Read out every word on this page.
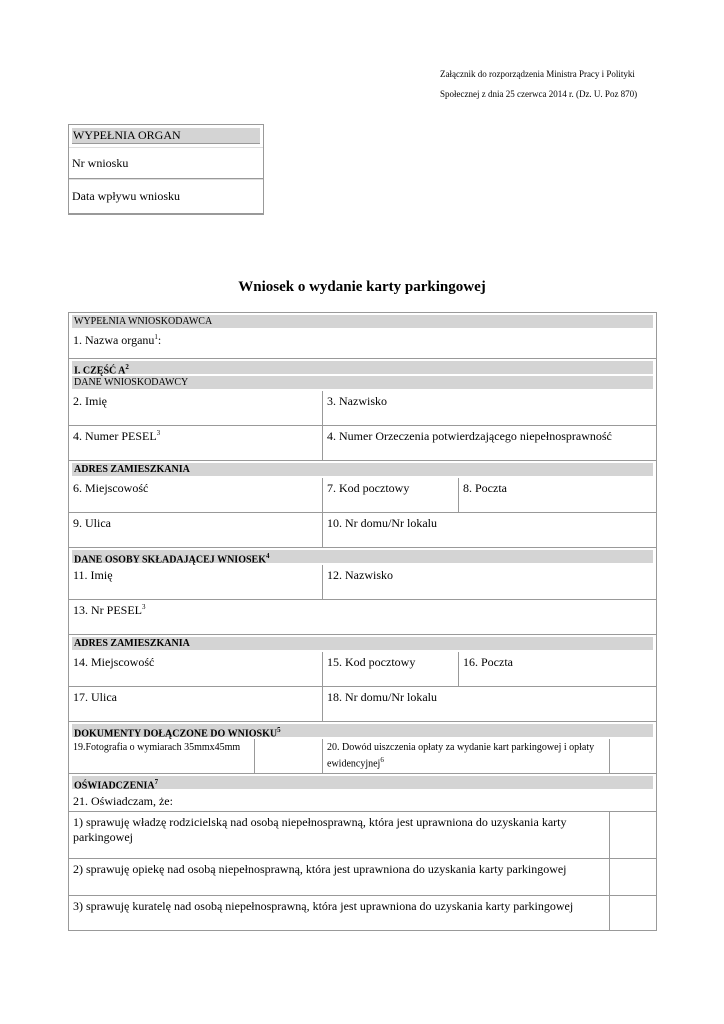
Załącznik do rozporządzenia Ministra Pracy i Polityki
Społecznej z dnia 25 czerwca 2014 r. (Dz. U. Poz 870)
WYPEŁNIA ORGAN
Nr wniosku
Data wpływu wniosku
Wniosek o wydanie karty parkingowej
WYPEŁNIA WNIOSKODAWCA
1. Nazwa organu$^1$:
I. CZĘŚĆ $A^2$
DANE WNIOSKODAWCY
2. Imię	3. Nazwisko
4. Numer PESEL$^3$	4. Numer Orzeczenia potwierdzającego niepełnosprawność
ADRES ZAMIESZKANIA
6. Miejscowość	7. Kod pocztowy	8. Poczta
9. Ulica	10. Nr domu/Nr lokalu
DANE OSOBY SKŁADAJĄCEJ WNIOSEK$^4$
11. Imię	12. Nazwisko
13. Nr PESEL$^3$
ADRES ZAMIESZKANIA
14. Miejscowość	15. Kod pocztowy	16. Poczta
17. Ulica	18. Nr domu/Nr lokalu
DOKUMENTY DOŁĄCZONE DO WNIOSKU$^5$
19.Fotografia o wymiarach 35mmx45mm	20. Dowód uiszczenia opłaty za wydanie kart parkingowej i opłaty ewidencyjnej$^6$
OŚWIADCZENIA$^7$
21. Oświadczam, że:
1) sprawuję władzę rodzicielską nad osobą niepełnosprawną, która jest uprawniona do uzyskania karty parkingowej
2) sprawuję opiekę nad osobą niepełnosprawną, która jest uprawniona do uzyskania karty parkingowej
3) sprawuję kuratelę nad osobą niepełnosprawną, która jest uprawniona do uzyskania karty parkingowej
